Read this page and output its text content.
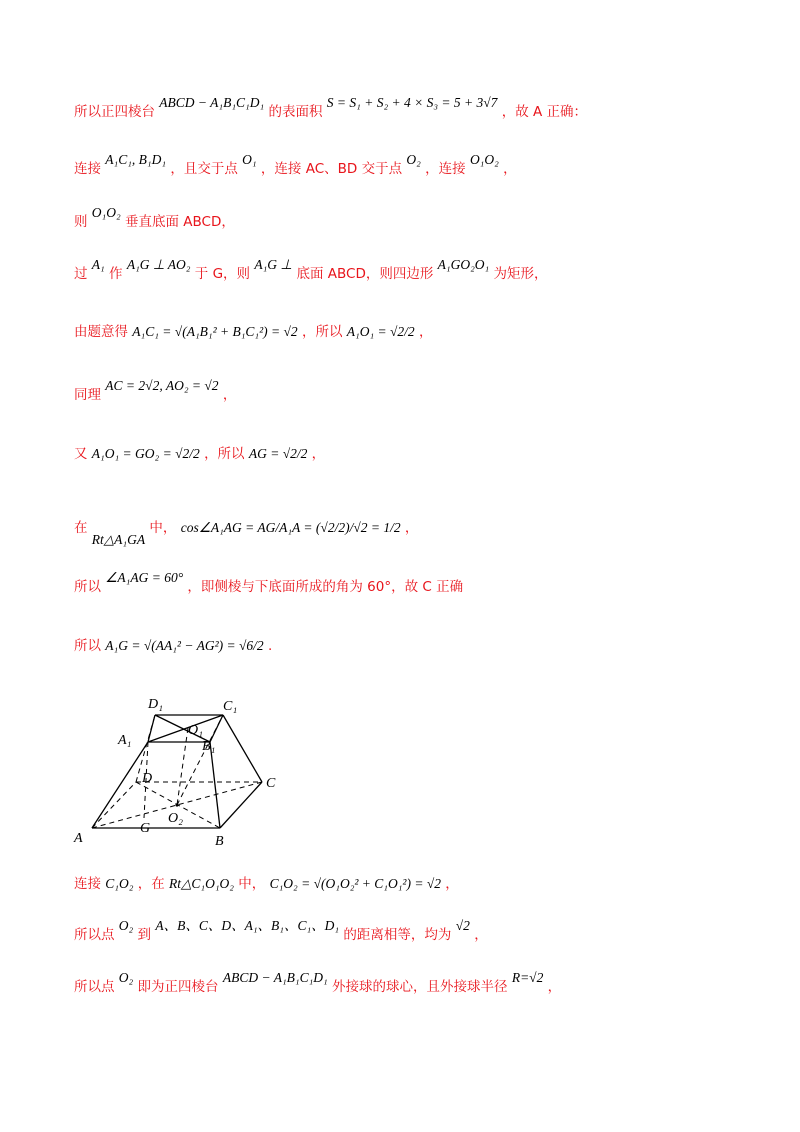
所以正四棱台 ABCD − A₁B₁C₁D₁ 的表面积 S = S₁ + S₂ + 4 × S₃ = 5 + 3√7 ，故 A 正确：
连接 A₁C₁, B₁D₁ ，且交于点 O₁ ，连接 AC、BD 交于点 O₂ ，连接 O₁O₂ ，
则 O₁O₂ 垂直底面 ABCD，
过 A₁ 作 A₁G ⊥ AO₂ 于 G，则 A₁G ⊥ 底面 ABCD，则四边形 A₁GO₂O₁ 为矩形，
由题意得 A₁C₁ = √(A₁B₁² + B₁C₁²) = √2 ，所以 A₁O₁ = √2/2 ，
同理 AC = 2√2, AO₂ = √2 ，
又 A₁O₁ = GO₂ = √2/2 ，所以 AG = √2/2 ，
在 Rt△A₁GA 中， cos∠A₁AG = AG/A₁A = (√2/2)/√2 = 1/2 ，
所以 ∠A₁AG = 60° ，即侧棱与下底面所成的角为 60°，故 C 正确
所以 A₁G = √(AA₁² − AG²) = √6/2 .
A	B
C
D
A₁	B₁
C₁
D₁
O₁
O₂
G
连接 C₁O₂ ，在 Rt△C₁O₁O₂ 中， C₁O₂ = √(O₁O₂² + C₁O₁²) = √2 ，
所以点 O₂ 到 A、B、C、D、A₁、B₁、C₁、D₁ 的距离相等，均为 √2 ，
所以点 O₂ 即为正四棱台 ABCD − A₁B₁C₁D₁ 外接球的球心，且外接球半径 R=√2 ，
